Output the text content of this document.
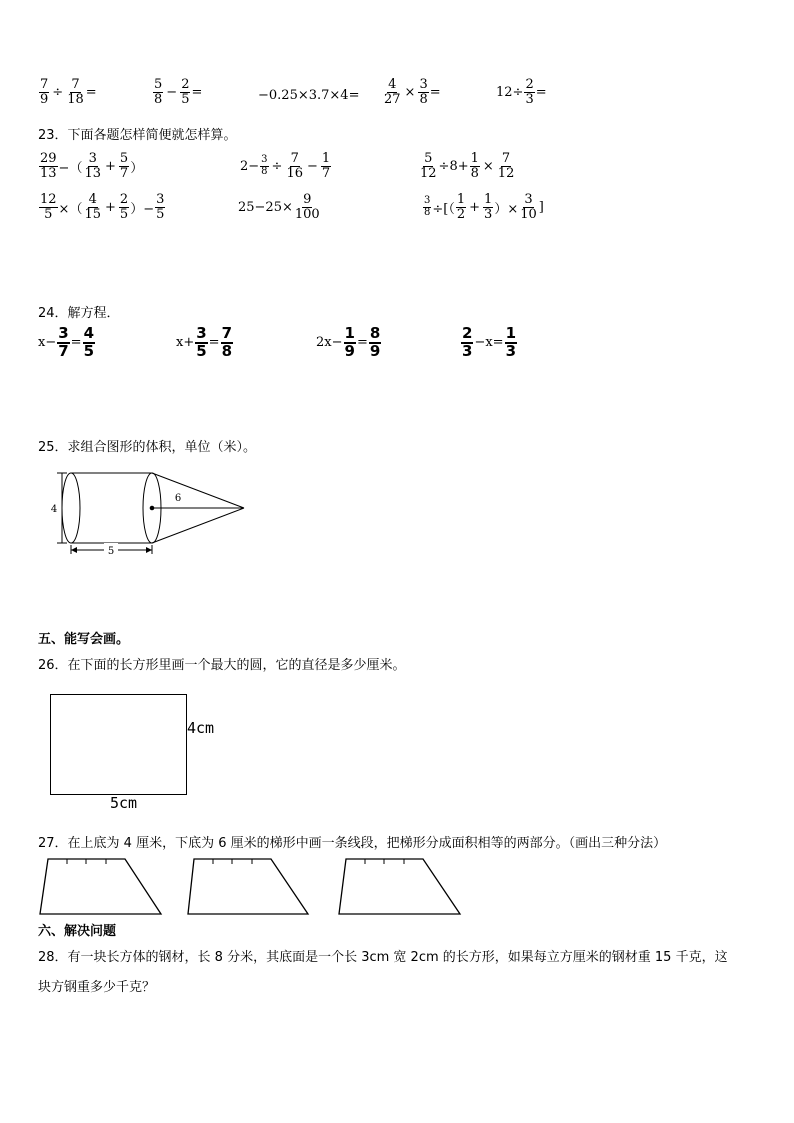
$\frac{7}{9} \div \frac{7}{18}$ =	$\frac{5}{8} - \frac{2}{5}$ =	$-0.25\times 3.7\times 4= \frac{4}{27} \times \frac{3}{8}$ =	$12\div \frac{2}{3}$ =
23．下面各题怎样简便就怎样算。
$\frac{29}{13}$ −（ $\frac{3}{13} + \frac{5}{7}$ ）	$2- \frac{3}{8} \div \frac{7}{16} - \frac{1}{7}$	$\frac{5}{12} \div 8+ \frac{1}{8} \times \frac{7}{12}$
$\frac{12}{5}$ ×（ $\frac{4}{15} + \frac{2}{5}$ ）− $\frac{3}{5}$	$25-25\times \frac{9}{100}$	$\frac{3}{8}$ ÷[（ $\frac{1}{2} + \frac{1}{3}$ ）× $\frac{3}{10}$ ]
24．解方程．
$x- \frac{3}{7} = \frac{4}{5}$	$x+ \frac{3}{5} = \frac{7}{8}$	$2x- \frac{1}{9} = \frac{8}{9}$	$\frac{2}{3} -x= \frac{1}{3}$
25．求组合图形的体积，单位（米）。
4
5
6
五、能写会画。
26．在下面的长方形里画一个最大的圆，它的直径是多少厘米。
4cm
5cm
27．在上底为 4 厘米，下底为 6 厘米的梯形中画一条线段，把梯形分成面积相等的两部分。（画出三种分法）
六、解决问题
28．有一块长方体的钢材，长 8 分米，其底面是一个长 3cm 宽 2cm 的长方形，如果每立方厘米的钢材重 15 千克，这
块方钢重多少千克？
